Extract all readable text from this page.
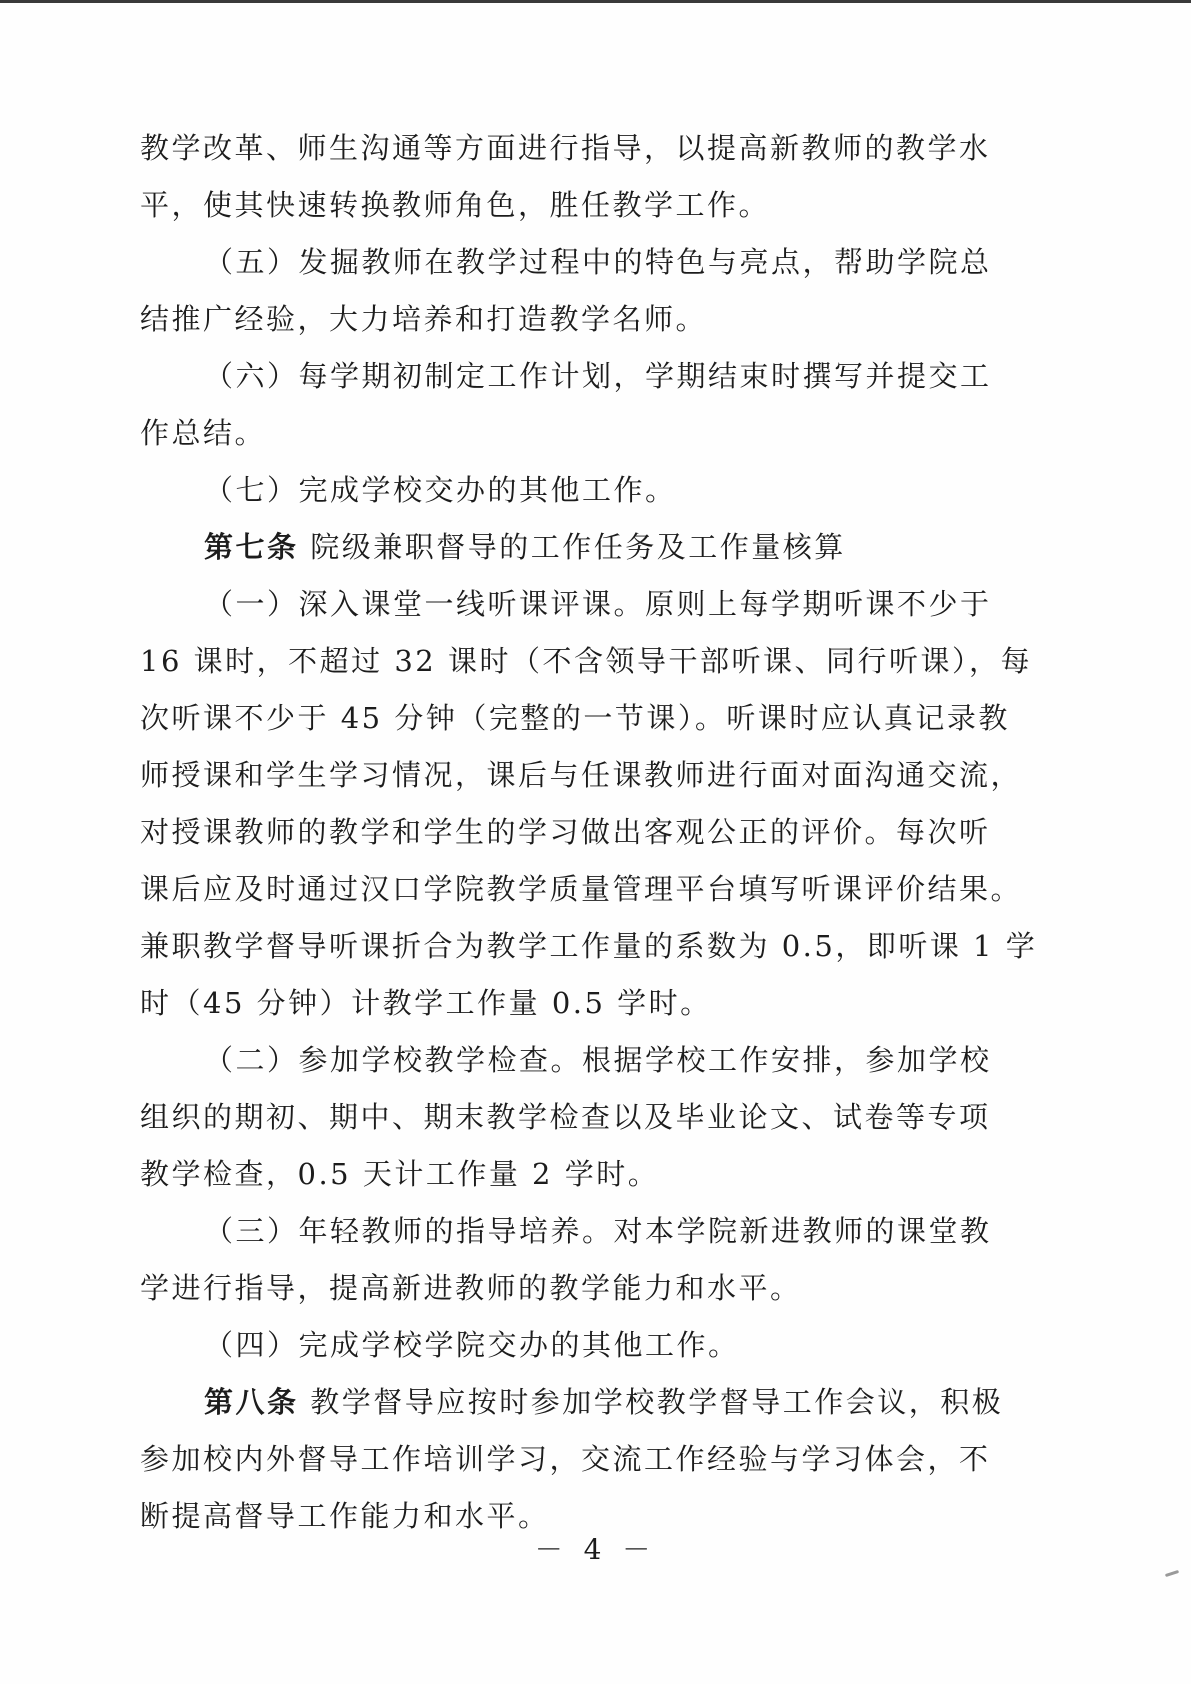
教学改革、师生沟通等方面进行指导，以提高新教师的教学水
平，使其快速转换教师角色，胜任教学工作。
（五）发掘教师在教学过程中的特色与亮点，帮助学院总
结推广经验，大力培养和打造教学名师。
（六）每学期初制定工作计划，学期结束时撰写并提交工
作总结。
（七）完成学校交办的其他工作。
第七条 院级兼职督导的工作任务及工作量核算
（一）深入课堂一线听课评课。原则上每学期听课不少于
16 课时，不超过 32 课时（不含领导干部听课、同行听课），每
次听课不少于 45 分钟（完整的一节课）。听课时应认真记录教
师授课和学生学习情况，课后与任课教师进行面对面沟通交流，
对授课教师的教学和学生的学习做出客观公正的评价。每次听
课后应及时通过汉口学院教学质量管理平台填写听课评价结果。
兼职教学督导听课折合为教学工作量的系数为 0.5，即听课 1 学
时（45 分钟）计教学工作量 0.5 学时。
（二）参加学校教学检查。根据学校工作安排，参加学校
组织的期初、期中、期末教学检查以及毕业论文、试卷等专项
教学检查，0.5 天计工作量 2 学时。
（三）年轻教师的指导培养。对本学院新进教师的课堂教
学进行指导，提高新进教师的教学能力和水平。
（四）完成学校学院交办的其他工作。
第八条 教学督导应按时参加学校教学督导工作会议，积极
参加校内外督导工作培训学习，交流工作经验与学习体会，不
断提高督导工作能力和水平。
－ 4 －
